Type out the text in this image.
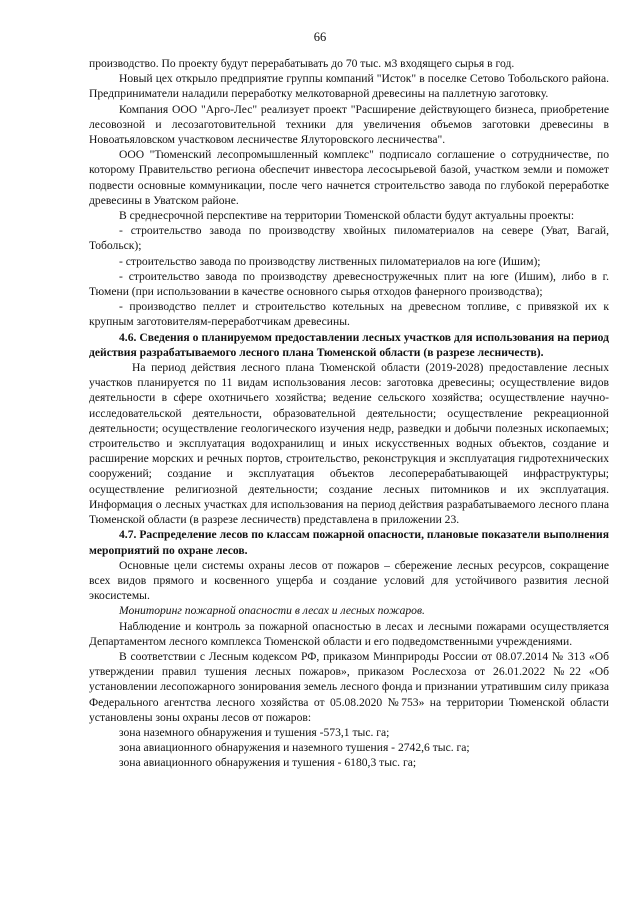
66

производство. По проекту будут перерабатывать до 70 тыс. м3 входящего сырья в год.

Новый цех открыло предприятие группы компаний "Исток" в поселке Сетово Тобольского района. Предприниматели наладили переработку мелкотоварной древесины на паллетную заготовку.

Компания ООО "Арго-Лес" реализует проект "Расширение действующего бизнеса, приобретение лесовозной и лесозаготовительной техники для увеличения объемов заготовки древесины в Новоатьяловском участковом лесничестве Ялуторовского лесничества".

ООО "Тюменский лесопромышленный комплекс" подписало соглашение о сотрудничестве, по которому Правительство региона обеспечит инвестора лесосырьевой базой, участком земли и поможет подвести основные коммуникации, после чего начнется строительство завода по глубокой переработке древесины в Уватском районе.

В среднесрочной перспективе на территории Тюменской области будут актуальны проекты:

- строительство завода по производству хвойных пиломатериалов на севере (Уват, Вагай, Тобольск);

- строительство завода по производству лиственных пиломатериалов на юге (Ишим);

- строительство завода по производству древесностружечных плит на юге (Ишим), либо в г. Тюмени (при использовании в качестве основного сырья отходов фанерного производства);

- производство пеллет и строительство котельных на древесном топливе, с привязкой их к крупным заготовителям-переработчикам древесины.

4.6. Сведения о планируемом предоставлении лесных участков для использования на период действия разрабатываемого лесного плана Тюменской области (в разрезе лесничеств).

На период действия лесного плана Тюменской области (2019-2028) предоставление лесных участков планируется по 11 видам использования лесов: заготовка древесины; осуществление видов деятельности в сфере охотничьего хозяйства; ведение сельского хозяйства; осуществление научно-исследовательской деятельности, образовательной деятельности; осуществление рекреационной деятельности; осуществление геологического изучения недр, разведки и добычи полезных ископаемых; строительство и эксплуатация водохранилищ и иных искусственных водных объектов, создание и расширение морских и речных портов, строительство, реконструкция и эксплуатация гидротехнических сооружений; создание и эксплуатация объектов лесоперерабатывающей инфраструктуры; осуществление религиозной деятельности; создание лесных питомников и их эксплуатация. Информация о лесных участках для использования на период действия разрабатываемого лесного плана Тюменской области (в разрезе лесничеств) представлена в приложении 23.

4.7. Распределение лесов по классам пожарной опасности, плановые показатели выполнения мероприятий по охране лесов.

Основные цели системы охраны лесов от пожаров – сбережение лесных ресурсов, сокращение всех видов прямого и косвенного ущерба и создание условий для устойчивого развития лесной экосистемы.

Мониторинг пожарной опасности в лесах и лесных пожаров.

Наблюдение и контроль за пожарной опасностью в лесах и лесными пожарами осуществляется Департаментом лесного комплекса Тюменской области и его подведомственными учреждениями.

В соответствии с Лесным кодексом РФ, приказом Минприроды России от 08.07.2014 № 313 «Об утверждении правил тушения лесных пожаров», приказом Рослесхоза от 26.01.2022 №22 «Об установлении лесопожарного зонирования земель лесного фонда и признании утратившим силу приказа Федерального агентства лесного хозяйства от 05.08.2020 №753» на территории Тюменской области установлены зоны охраны лесов от пожаров:

зона наземного обнаружения и тушения -573,1 тыс. га;

зона авиационного обнаружения и наземного тушения - 2742,6 тыс. га;

зона авиационного обнаружения и тушения - 6180,3 тыс. га;
